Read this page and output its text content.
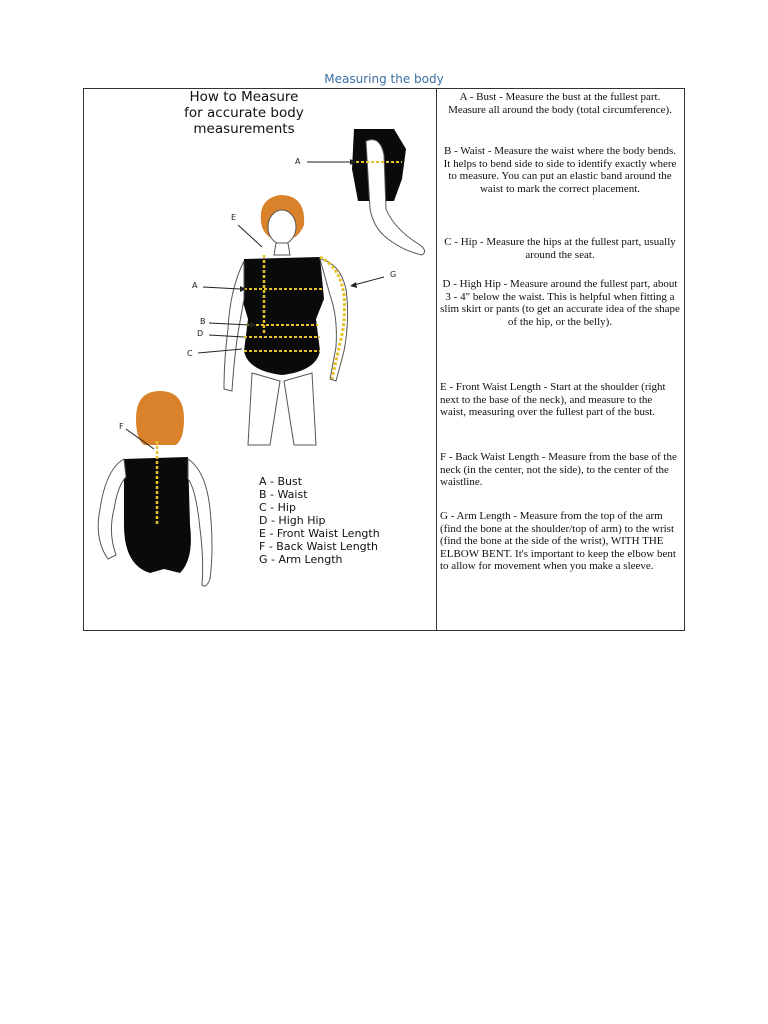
Measuring the body
How to Measure
for accurate body measurements
A
E
A
B
D
C
G
F
A - Bust
B - Waist
C - Hip
D - High Hip
E - Front Waist Length
F - Back Waist Length
G - Arm Length
A - Bust - Measure the bust at the fullest part. Measure all around the body (total circumference).
B - Waist - Measure the waist where the body bends. It helps to bend side to side to identify exactly where to measure. You can put an elastic band around the waist to mark the correct placement.
C - Hip - Measure the hips at the fullest part, usually around the seat.
D - High Hip - Measure around the fullest part, about 3 - 4" below the waist. This is helpful when fitting a slim skirt or pants (to get an accurate idea of the shape of the hip, or the belly).
E - Front Waist Length - Start at the shoulder (right next to the base of the neck), and measure to the waist, measuring over the fullest part of the bust.
F - Back Waist Length - Measure from the base of the neck (in the center, not the side), to the center of the waistline.
G - Arm Length - Measure from the top of the arm (find the bone at the shoulder/top of arm) to the wrist (find the bone at the side of the wrist), WITH THE ELBOW BENT. It's important to keep the elbow bent to allow for movement when you make a sleeve.
